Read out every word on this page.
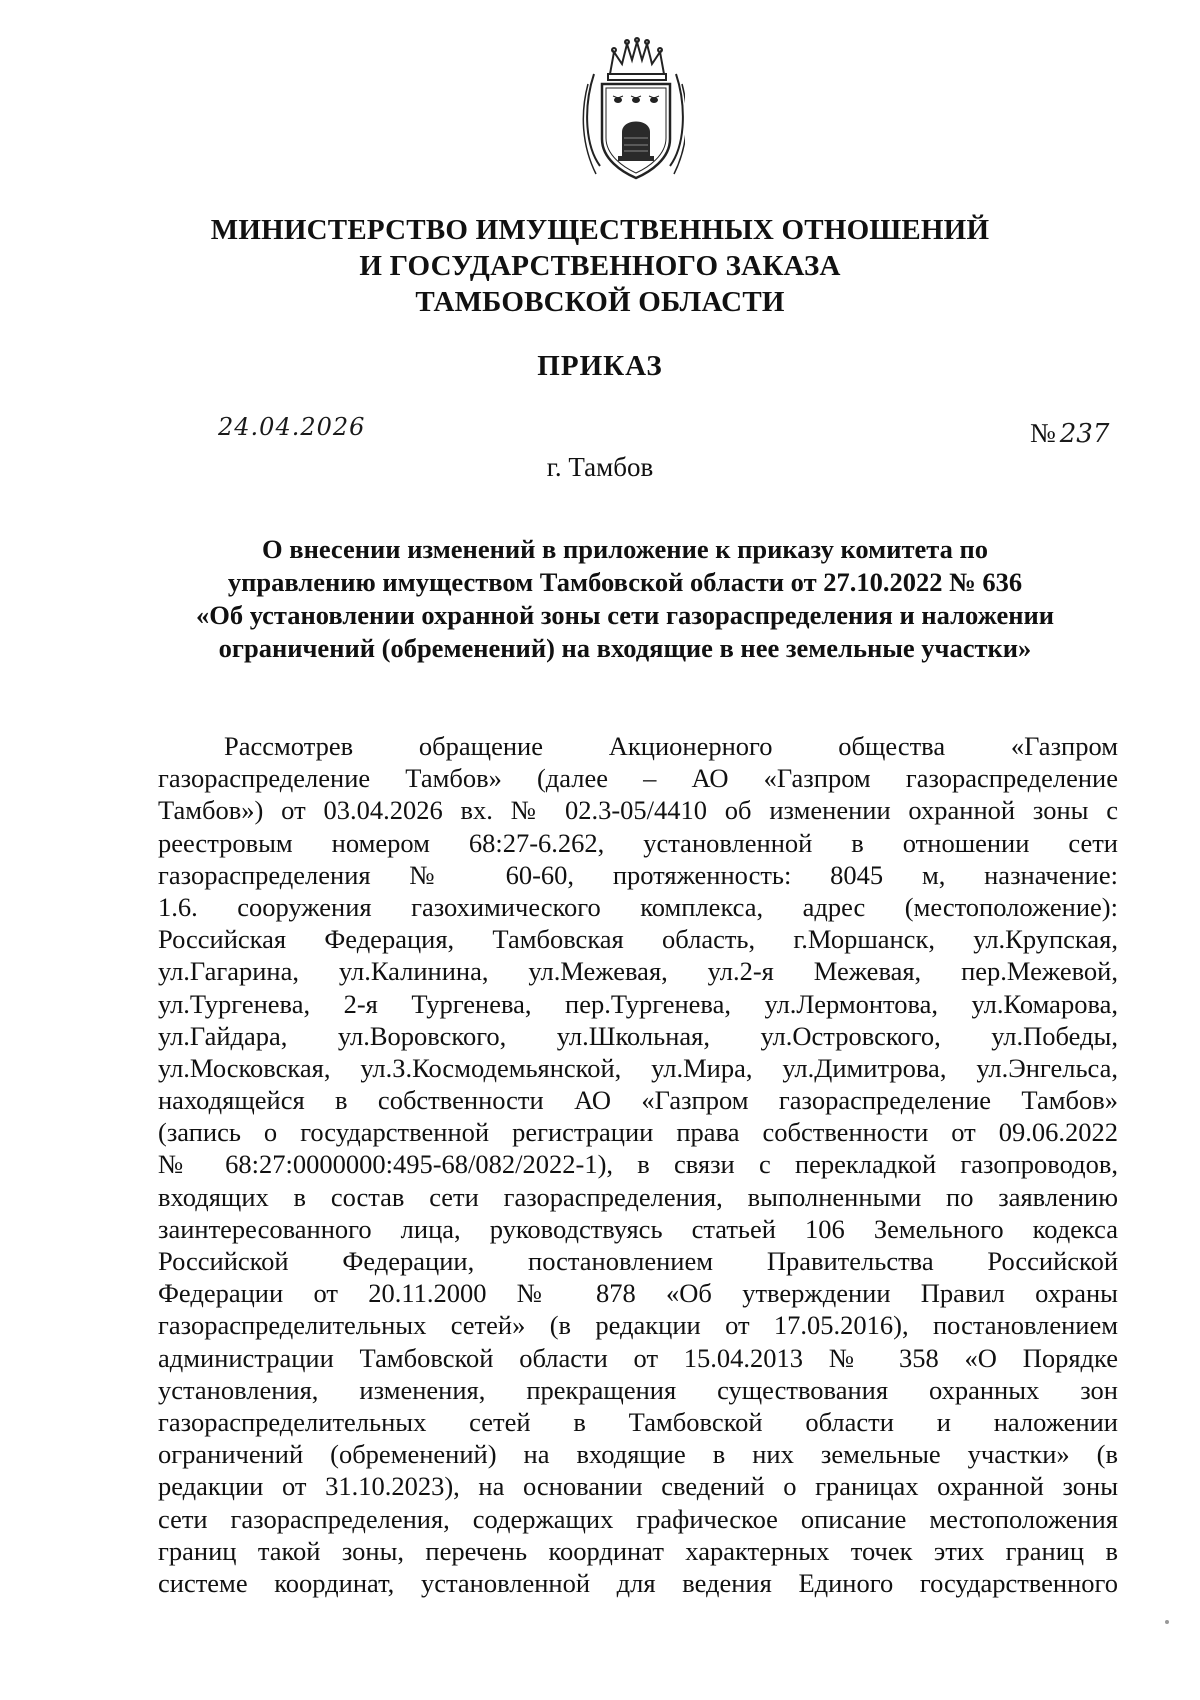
МИНИСТЕРСТВО ИМУЩЕСТВЕННЫХ ОТНОШЕНИЙ
И ГОСУДАРСТВЕННОГО ЗАКАЗА
ТАМБОВСКОЙ ОБЛАСТИ
ПРИКАЗ
24.04.2026	№ 237
г. Тамбов
О внесении изменений в приложение к приказу комитета по
управлению имуществом Тамбовской области от 27.10.2022 № 636
«Об установлении охранной зоны сети газораспределения и наложении
ограничений (обременений) на входящие в нее земельные участки»
Рассмотрев обращение Акционерного общества «Газпром
газораспределение Тамбов» (далее – АО «Газпром газораспределение
Тамбов») от 03.04.2026 вх. № 02.3-05/4410 об изменении охранной зоны с
реестровым номером 68:27-6.262, установленной в отношении сети
газораспределения № 60-60, протяженность: 8045 м, назначение:
1.6. сооружения газохимического комплекса, адрес (местоположение):
Российская Федерация, Тамбовская область, г.Моршанск, ул.Крупская,
ул.Гагарина, ул.Калинина, ул.Межевая, ул.2-я Межевая, пер.Межевой,
ул.Тургенева, 2-я Тургенева, пер.Тургенева, ул.Лермонтова, ул.Комарова,
ул.Гайдара, ул.Воровского, ул.Школьная, ул.Островского, ул.Победы,
ул.Московская, ул.З.Космодемьянской, ул.Мира, ул.Димитрова, ул.Энгельса,
находящейся в собственности АО «Газпром газораспределение Тамбов»
(запись о государственной регистрации права собственности от 09.06.2022
№ 68:27:0000000:495-68/082/2022-1), в связи с перекладкой газопроводов,
входящих в состав сети газораспределения, выполненными по заявлению
заинтересованного лица, руководствуясь статьей 106 Земельного кодекса
Российской Федерации, постановлением Правительства Российской
Федерации от 20.11.2000 № 878 «Об утверждении Правил охраны
газораспределительных сетей» (в редакции от 17.05.2016), постановлением
администрации Тамбовской области от 15.04.2013 № 358 «О Порядке
установления, изменения, прекращения существования охранных зон
газораспределительных сетей в Тамбовской области и наложении
ограничений (обременений) на входящие в них земельные участки» (в
редакции от 31.10.2023), на основании сведений о границах охранной зоны
сети газораспределения, содержащих графическое описание местоположения
границ такой зоны, перечень координат характерных точек этих границ в
системе координат, установленной для ведения Единого государственного
